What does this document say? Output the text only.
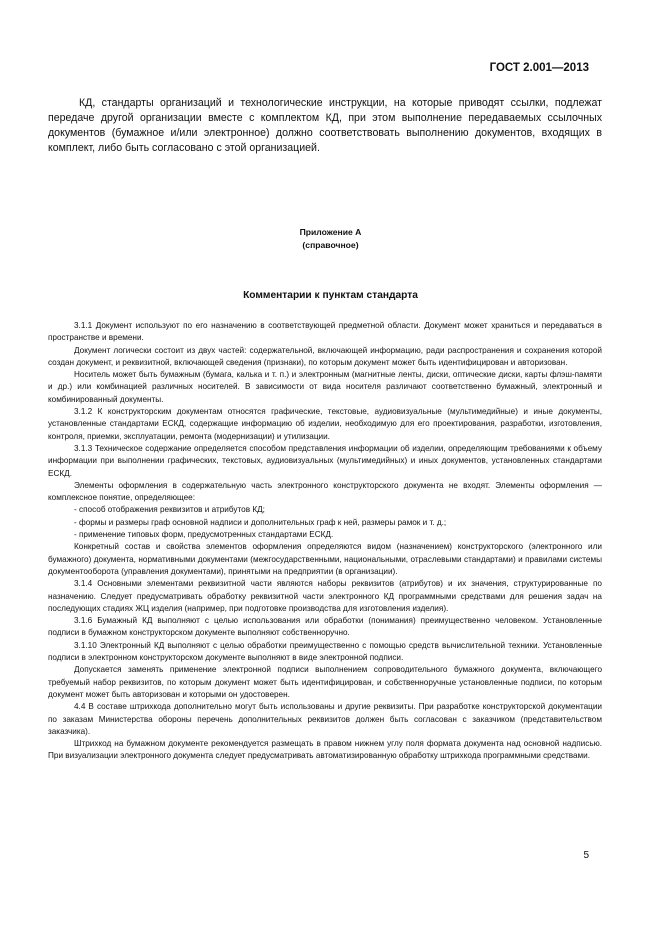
ГОСТ 2.001—2013

КД, стандарты организаций и технологические инструкции, на которые приводят ссылки, подлежат передаче другой организации вместе с комплектом КД, при этом выполнение передаваемых ссылочных документов (бумажное и/или электронное) должно соответствовать выполнению документов, входящих в комплект, либо быть согласовано с этой организацией.

Приложение А
(справочное)
Комментарии к пунктам стандарта

3.1.1 Документ используют по его назначению в соответствующей предметной области. Документ может храниться и передаваться в пространстве и времени.

Документ логически состоит из двух частей: содержательной, включающей информацию, ради распространения и сохранения которой создан документ, и реквизитной, включающей сведения (признаки), по которым документ может быть идентифицирован и авторизован.

Носитель может быть бумажным (бумага, калька и т. п.) и электронным (магнитные ленты, диски, оптические диски, карты флэш-памяти и др.) или комбинацией различных носителей. В зависимости от вида носителя различают соответственно бумажный, электронный и комбинированный документы.

3.1.2 К конструкторским документам относятся графические, текстовые, аудиовизуальные (мультимедийные) и иные документы, установленные стандартами ЕСКД, содержащие информацию об изделии, необходимую для его проектирования, разработки, изготовления, контроля, приемки, эксплуатации, ремонта (модернизации) и утилизации.

3.1.3 Техническое содержание определяется способом представления информации об изделии, определяющим требованиями к объему информации при выполнении графических, текстовых, аудиовизуальных (мультимедийных) и иных документов, установленных стандартами ЕСКД.

Элементы оформления в содержательную часть электронного конструкторского документа не входят. Элементы оформления — комплексное понятие, определяющее:

- способ отображения реквизитов и атрибутов КД;

- формы и размеры граф основной надписи и дополнительных граф к ней, размеры рамок и т. д.;

- применение типовых форм, предусмотренных стандартами ЕСКД.

Конкретный состав и свойства элементов оформления определяются видом (назначением) конструкторского (электронного или бумажного) документа, нормативными документами (межгосударственными, национальными, отраслевыми стандартами) и правилами системы документооборота (управления документами), принятыми на предприятии (в организации).

3.1.4 Основными элементами реквизитной части являются наборы реквизитов (атрибутов) и их значения, структурированные по назначению. Следует предусматривать обработку реквизитной части электронного КД программными средствами для решения задач на последующих стадиях ЖЦ изделия (например, при подготовке производства для изготовления изделия).

3.1.6 Бумажный КД выполняют с целью использования или обработки (понимания) преимущественно человеком. Установленные подписи в бумажном конструкторском документе выполняют собственноручно.

3.1.10 Электронный КД выполняют с целью обработки преимущественно с помощью средств вычислительной техники. Установленные подписи в электронном конструкторском документе выполняют в виде электронной подписи.

Допускается заменять применение электронной подписи выполнением сопроводительного бумажного документа, включающего требуемый набор реквизитов, по которым документ может быть идентифицирован, и собственноручные установленные подписи, по которым документ может быть авторизован и которыми он удостоверен.

4.4 В составе штрихкода дополнительно могут быть использованы и другие реквизиты. При разработке конструкторской документации по заказам Министерства обороны перечень дополнительных реквизитов должен быть согласован с заказчиком (представительством заказчика).

Штрихкод на бумажном документе рекомендуется размещать в правом нижнем углу поля формата документа над основной надписью. При визуализации электронного документа следует предусматривать автоматизированную обработку штрихкода программными средствами.

5
